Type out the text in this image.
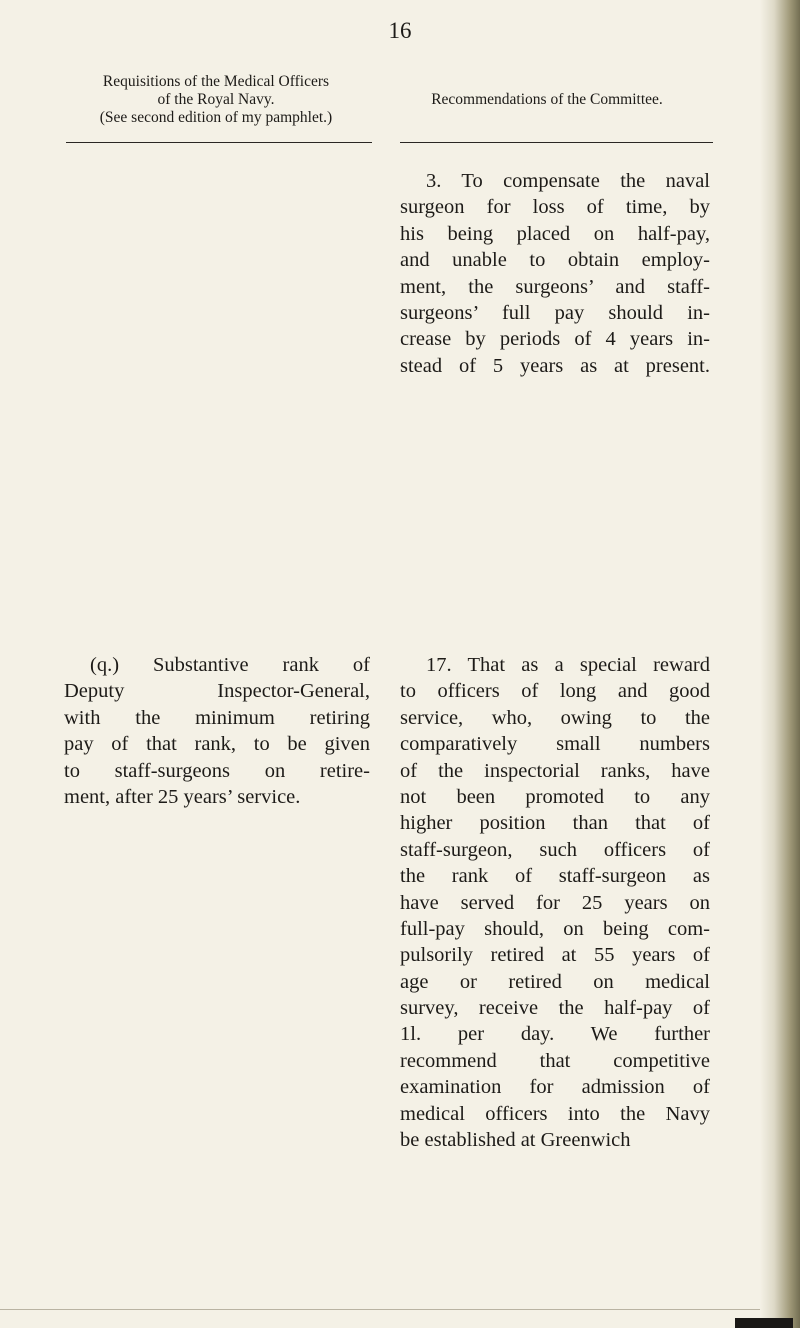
16
Requisitions of the Medical Officers
of the Royal Navy.
(See second edition of my pamphlet.)
Recommendations of the Committee.
3. To compensate the naval
surgeon for loss of time, by
his being placed on half-pay,
and unable to obtain employ-
ment, the surgeons’ and staff-
surgeons’ full pay should in-
crease by periods of 4 years in-
stead of 5 years as at present.
(q.) Substantive rank of
Deputy Inspector-General,
with the minimum retiring
pay of that rank, to be given
to staff-surgeons on retire-
ment, after 25 years’ service.
17. That as a special reward
to officers of long and good
service, who, owing to the
comparatively small numbers
of the inspectorial ranks, have
not been promoted to any
higher position than that of
staff-surgeon, such officers of
the rank of staff-surgeon as
have served for 25 years on
full-pay should, on being com-
pulsorily retired at 55 years of
age or retired on medical
survey, receive the half-pay of
1l. per day. We further
recommend that competitive
examination for admission of
medical officers into the Navy
be established at Greenwich
